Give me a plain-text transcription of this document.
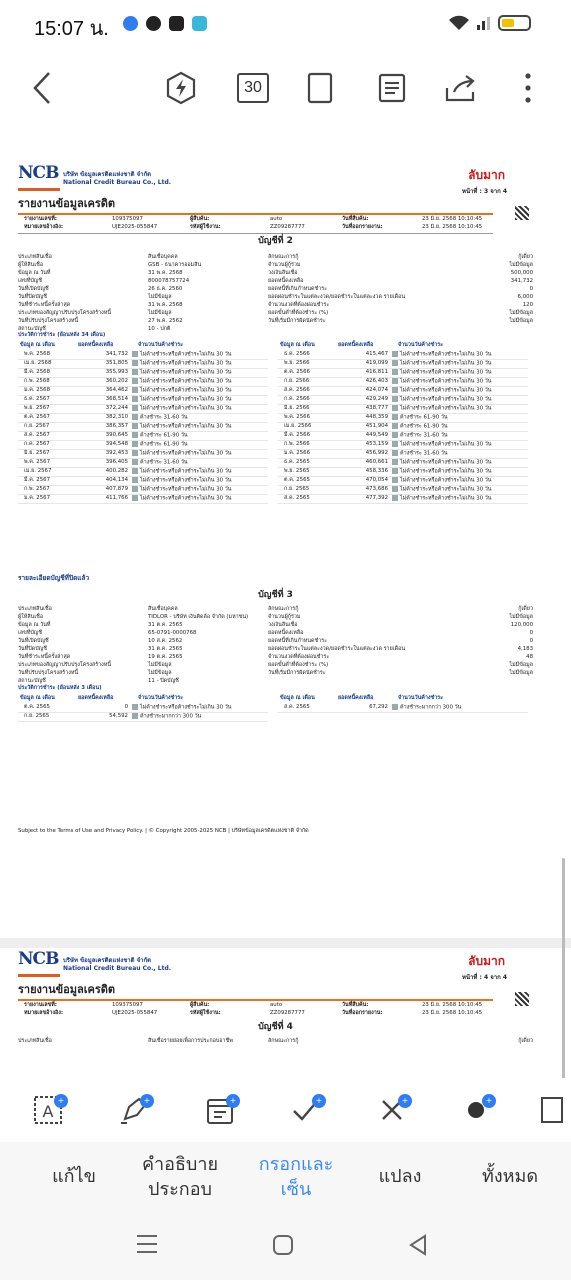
15:07 น.
30
NCB บริษัท ข้อมูลเครดิตแห่งชาติ จำกัด
National Credit Bureau Co., Ltd.
ลับมาก
หน้าที่ : 3 จาก 4
รายงานข้อมูลเครดิต
รายงานเลขที่:	109375097
หมายเลขอ้างอิง:	UJE2025-055847
ผู้สืบค้น:	auto
รหัสผู้ใช้งาน:	ZZ09287777
วันที่สืบค้น:	23 มิ.ย. 2568 10:10:45
วันที่ออกรายงาน:	23 มิ.ย. 2568 10:10:45
บัญชีที่ 2
ประเภทสินเชื่อ	สินเชื่อบุคคล
ผู้ให้สินเชื่อ	GSB - ธนาคารออมสิน
ข้อมูล ณ วันที่	31 พ.ค. 2568
เลขที่บัญชี	800078757724
วันที่เปิดบัญชี	26 ธ.ค. 2560
วันที่ปิดบัญชี	ไม่มีข้อมูล
วันที่ชำระหนี้ครั้งล่าสุด	31 พ.ค. 2568
ประเภทของสัญญาปรับปรุงโครงสร้างหนี้	ไม่มีข้อมูล
วันที่ปรับปรุงโครงสร้างหนี้	27 พ.ค. 2562
สถานะบัญชี	10 - ปกติ
ลักษณะการกู้	กู้เดี่ยว
จำนวนผู้กู้ร่วม	ไม่มีข้อมูล
วงเงินสินเชื่อ	500,000
ยอดหนี้คงเหลือ	341,732
ยอดหนี้ที่เกินกำหนดชำระ	0
ยอดผ่อนชำระในแต่ละงวด/ยอดชำระในแต่ละงวด รายเดือน	6,000
จำนวนงวดที่ต้องผ่อนชำระ	120
ยอดขั้นต่ำที่ต้องชำระ (%)	ไม่มีข้อมูล
วันที่เริ่มมีการผิดนัดชำระ	ไม่มีข้อมูล
ประวัติการชำระ (ย้อนหลัง 34 เดือน)
ข้อมูล ณ เดือน	ยอดหนี้คงเหลือ	จำนวนวันค้างชำระ
พ.ค. 2568	341,732	ไม่ค้างชำระหรือค้างชำระไม่เกิน 30 วัน
เม.ย. 2568	351,805	ไม่ค้างชำระหรือค้างชำระไม่เกิน 30 วัน
มี.ค. 2568	355,993	ไม่ค้างชำระหรือค้างชำระไม่เกิน 30 วัน
ก.พ. 2568	360,202	ไม่ค้างชำระหรือค้างชำระไม่เกิน 30 วัน
ม.ค. 2568	364,462	ไม่ค้างชำระหรือค้างชำระไม่เกิน 30 วัน
ธ.ค. 2567	368,514	ไม่ค้างชำระหรือค้างชำระไม่เกิน 30 วัน
พ.ย. 2567	372,244	ไม่ค้างชำระหรือค้างชำระไม่เกิน 30 วัน
ต.ค. 2567	382,310	ค้างชำระ 31-60 วัน
ก.ย. 2567	386,357	ไม่ค้างชำระหรือค้างชำระไม่เกิน 30 วัน
ส.ค. 2567	390,645	ค้างชำระ 61-90 วัน
ก.ค. 2567	394,548	ค้างชำระ 61-90 วัน
มิ.ย. 2567	392,453	ไม่ค้างชำระหรือค้างชำระไม่เกิน 30 วัน
พ.ค. 2567	396,405	ค้างชำระ 31-60 วัน
เม.ย. 2567	400,282	ไม่ค้างชำระหรือค้างชำระไม่เกิน 30 วัน
มี.ค. 2567	404,134	ไม่ค้างชำระหรือค้างชำระไม่เกิน 30 วัน
ก.พ. 2567	407,879	ไม่ค้างชำระหรือค้างชำระไม่เกิน 30 วัน
ม.ค. 2567	411,766	ไม่ค้างชำระหรือค้างชำระไม่เกิน 30 วัน
ข้อมูล ณ เดือน	ยอดหนี้คงเหลือ	จำนวนวันค้างชำระ
ธ.ค. 2566	415,467	ไม่ค้างชำระหรือค้างชำระไม่เกิน 30 วัน
พ.ย. 2566	419,099	ไม่ค้างชำระหรือค้างชำระไม่เกิน 30 วัน
ต.ค. 2566	416,811	ไม่ค้างชำระหรือค้างชำระไม่เกิน 30 วัน
ก.ย. 2566	426,403	ไม่ค้างชำระหรือค้างชำระไม่เกิน 30 วัน
ส.ค. 2566	424,074	ไม่ค้างชำระหรือค้างชำระไม่เกิน 30 วัน
ก.ค. 2566	429,249	ไม่ค้างชำระหรือค้างชำระไม่เกิน 30 วัน
มิ.ย. 2566	438,777	ไม่ค้างชำระหรือค้างชำระไม่เกิน 30 วัน
พ.ค. 2566	448,359	ค้างชำระ 61-90 วัน
เม.ย. 2566	451,904	ค้างชำระ 61-90 วัน
มี.ค. 2566	449,549	ค้างชำระ 31-60 วัน
ก.พ. 2566	453,159	ไม่ค้างชำระหรือค้างชำระไม่เกิน 30 วัน
ม.ค. 2566	456,992	ค้างชำระ 31-60 วัน
ธ.ค. 2565	460,661	ไม่ค้างชำระหรือค้างชำระไม่เกิน 30 วัน
พ.ย. 2565	458,336	ไม่ค้างชำระหรือค้างชำระไม่เกิน 30 วัน
ต.ค. 2565	470,054	ไม่ค้างชำระหรือค้างชำระไม่เกิน 30 วัน
ก.ย. 2565	473,686	ไม่ค้างชำระหรือค้างชำระไม่เกิน 30 วัน
ส.ค. 2565	477,392	ไม่ค้างชำระหรือค้างชำระไม่เกิน 30 วัน
รายละเอียดบัญชีที่ปิดแล้ว
บัญชีที่ 3
ประเภทสินเชื่อ	สินเชื่อบุคคล
ผู้ให้สินเชื่อ	TIDLOR - บริษัท เงินติดล้อ จำกัด (มหาชน)
ข้อมูล ณ วันที่	31 ต.ค. 2565
เลขที่บัญชี	65-0791-0000768
วันที่เปิดบัญชี	10 ส.ค. 2562
วันที่ปิดบัญชี	31 ต.ค. 2565
วันที่ชำระหนี้ครั้งล่าสุด	19 ต.ค. 2565
ประเภทของสัญญาปรับปรุงโครงสร้างหนี้	ไม่มีข้อมูล
วันที่ปรับปรุงโครงสร้างหนี้	ไม่มีข้อมูล
สถานะบัญชี	11 - ปิดบัญชี
ลักษณะการกู้	กู้เดี่ยว
จำนวนผู้กู้ร่วม	ไม่มีข้อมูล
วงเงินสินเชื่อ	120,000
ยอดหนี้คงเหลือ	0
ยอดหนี้ที่เกินกำหนดชำระ	0
ยอดผ่อนชำระในแต่ละงวด/ยอดชำระในแต่ละงวด รายเดือน	4,183
จำนวนงวดที่ต้องผ่อนชำระ	48
ยอดขั้นต่ำที่ต้องชำระ (%)	ไม่มีข้อมูล
วันที่เริ่มมีการผิดนัดชำระ	ไม่มีข้อมูล
ประวัติการชำระ (ย้อนหลัง 3 เดือน)
ข้อมูล ณ เดือน	ยอดหนี้คงเหลือ	จำนวนวันค้างชำระ
ต.ค. 2565	0	ไม่ค้างชำระหรือค้างชำระไม่เกิน 30 วัน
ก.ย. 2565	54,592	ค้างชำระมากกว่า 300 วัน
ข้อมูล ณ เดือน	ยอดหนี้คงเหลือ	จำนวนวันค้างชำระ
ส.ค. 2565	67,292	ค้างชำระมากกว่า 300 วัน
Subject to the Terms of Use and Privacy Policy. | © Copyright 2005-2025 NCB | บริษัทข้อมูลเครดิตแห่งชาติ จำกัด
NCB บริษัท ข้อมูลเครดิตแห่งชาติ จำกัด
National Credit Bureau Co., Ltd.
ลับมาก
หน้าที่ : 4 จาก 4
รายงานข้อมูลเครดิต
รายงานเลขที่:	109375097
หมายเลขอ้างอิง:	UJE2025-055847
ผู้สืบค้น:	auto
รหัสผู้ใช้งาน:	ZZ09287777
วันที่สืบค้น:	23 มิ.ย. 2568 10:10:45
วันที่ออกรายงาน:	23 มิ.ย. 2568 10:10:45
บัญชีที่ 4
ประเภทสินเชื่อ	สินเชื่อรายย่อยเพื่อการประกอบอาชีพ	ลักษณะการกู้	กู้เดี่ยว
A
+	+	+	+	+	+
แก้ไข
คำอธิบาย
ประกอบ
กรอกและ
เซ็น
แปลง	ทั้งหมด
